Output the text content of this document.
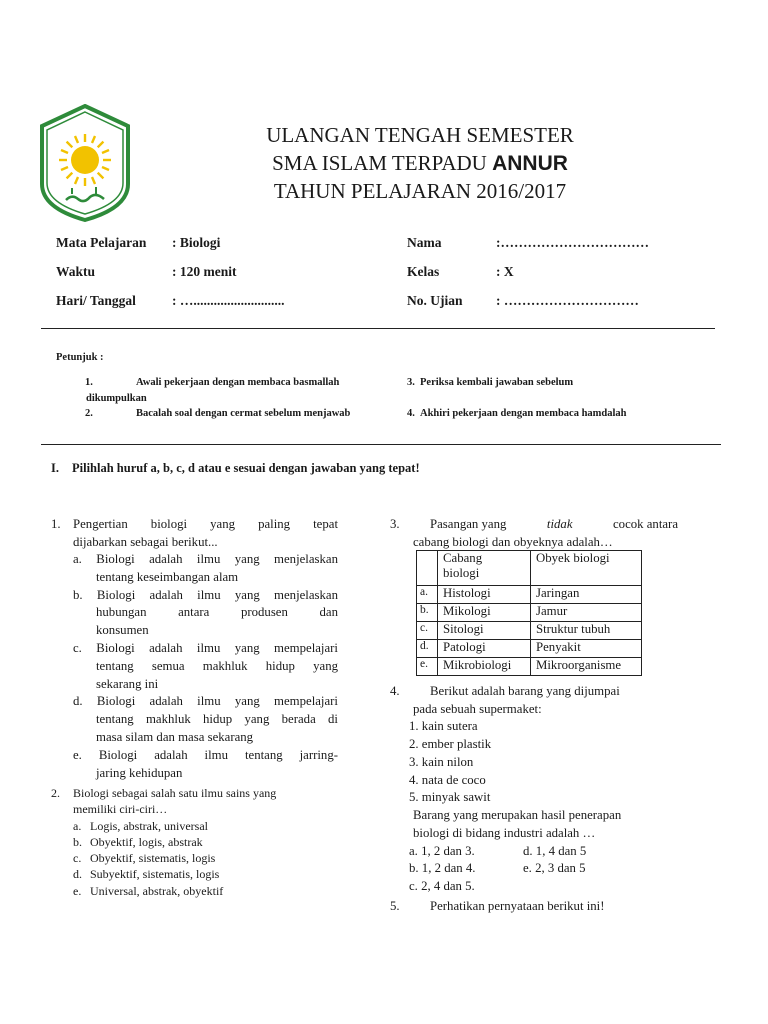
ULANGAN TENGAH SEMESTER
SMA ISLAM TERPADU ANNUR
TAHUN PELAJARAN 2016/2017
Mata Pelajaran : Biologi
Waktu	: 120 menit
Hari/ Tanggal	: …...........................
Nama	:……………………………
Kelas	: X
No. Ujian : …………………………
Petunjuk :
1.	Awali pekerjaan dengan membaca basmallah	3. Periksa kembali jawaban sebelum
dikumpulkan
2.	Bacalah soal dengan cermat sebelum menjawab	4. Akhiri pekerjaan dengan membaca hamdalah
I. Pilihlah huruf a, b, c, d atau e sesuai dengan jawaban yang tepat!
1. Pengertian biologi yang paling tepat
dijabarkan sebagai berikut...
a. Biologi adalah ilmu yang menjelaskan
tentang keseimbangan alam
b. Biologi adalah ilmu yang menjelaskan
hubungan antara produsen dan
konsumen
c. Biologi adalah ilmu yang mempelajari
tentang semua makhluk hidup yang
sekarang ini
d. Biologi adalah ilmu yang mempelajari
tentang makhluk hidup yang berada di
masa silam dan masa sekarang
e. Biologi adalah ilmu tentang jarring-
jaring kehidupan
2. Biologi sebagai salah satu ilmu sains yang
memiliki ciri-ciri…
a. Logis, abstrak, universal
b. Obyektif, logis, abstrak
c. Obyektif, sistematis, logis
d. Subyektif, sistematis, logis
e. Universal, abstrak, obyektif
3. Pasangan yang	tidak	cocok antara
cabang biologi dan obyeknya adalah…
	Cabang
biologi	Obyek biologi
a.	Histologi	Jaringan
b.	Mikologi	Jamur
c.	Sitologi	Struktur tubuh
d.	Patologi	Penyakit
e.	Mikrobiologi	Mikroorganisme
4. Berikut adalah barang yang dijumpai
pada sebuah supermaket:
1. kain sutera
2. ember plastik
3. kain nilon
4. nata de coco
5. minyak sawit
Barang yang merupakan hasil penerapan
biologi di bidang industri adalah …
a. 1, 2 dan 3.	d. 1, 4 dan 5
b. 1, 2 dan 4.	e. 2, 3 dan 5
c. 2, 4 dan 5.
5. Perhatikan pernyataan berikut ini!
